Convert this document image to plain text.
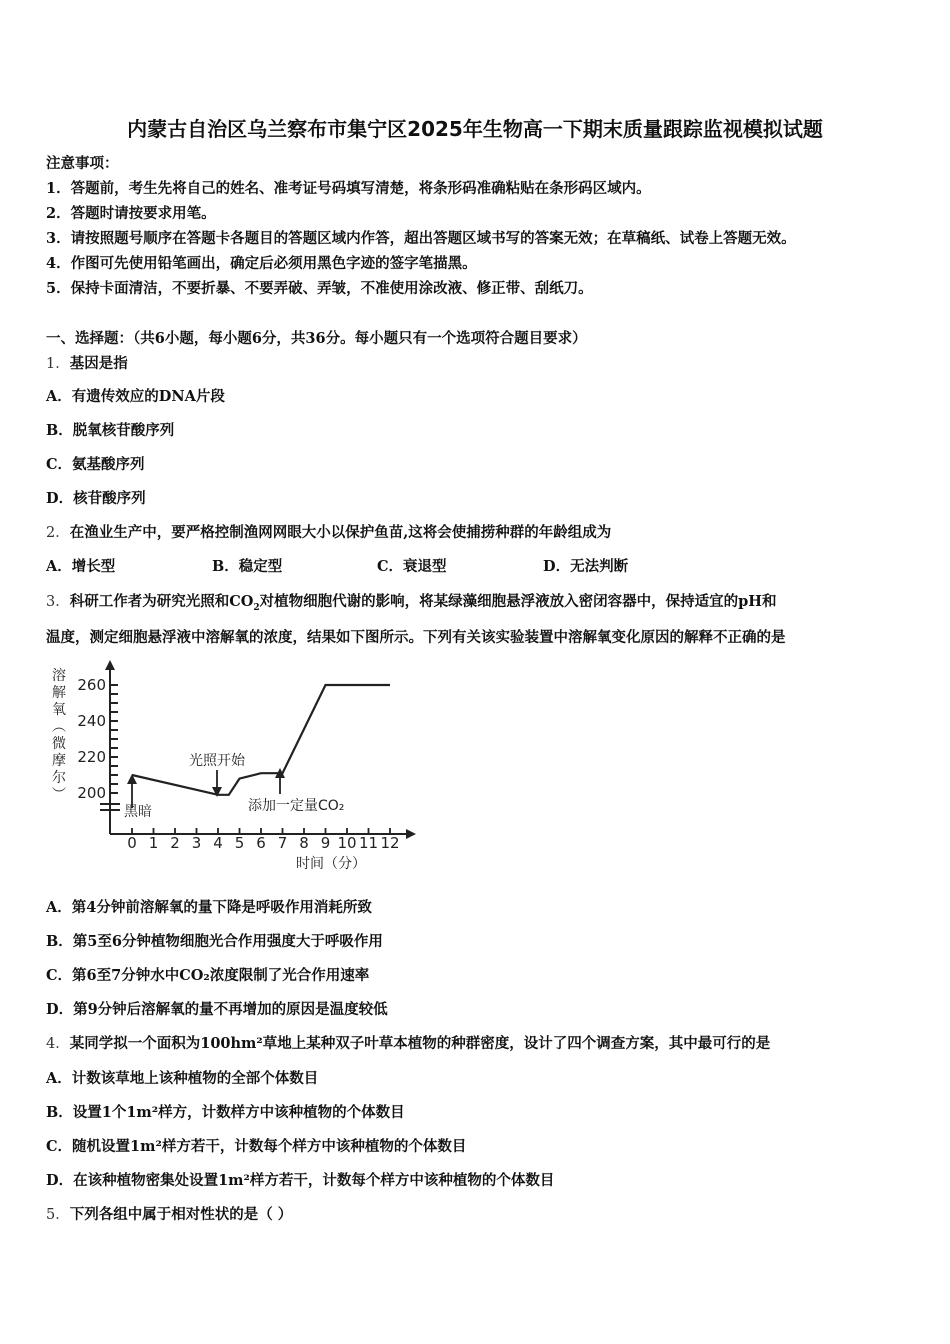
内蒙古自治区乌兰察布市集宁区2025年生物高一下期末质量跟踪监视模拟试题
注意事项：
1．答题前，考生先将自己的姓名、准考证号码填写清楚，将条形码准确粘贴在条形码区域内。
2．答题时请按要求用笔。
3．请按照题号顺序在答题卡各题目的答题区域内作答，超出答题区域书写的答案无效；在草稿纸、试卷上答题无效。
4．作图可先使用铅笔画出，确定后必须用黑色字迹的签字笔描黑。
5．保持卡面清洁，不要折暴、不要弄破、弄皱，不准使用涂改液、修正带、刮纸刀。
一、选择题：（共6小题，每小题6分，共36分。每小题只有一个选项符合题目要求）
1．基因是指
A．有遗传效应的DNA片段
B．脱氧核苷酸序列
C．氨基酸序列
D．核苷酸序列
2．在渔业生产中，要严格控制渔网网眼大小以保护鱼苗,这将会使捕捞种群的年龄组成为
A．增长型	B．稳定型	C．衰退型	D．无法判断
3．科研工作者为研究光照和$CO_2$对植物细胞代谢的影响，将某绿藻细胞悬浮液放入密闭容器中，保持适宜的pH和
温度，测定细胞悬浮液中溶解氧的浓度，结果如下图所示。下列有关该实验装置中溶解氧变化原因的解释不正确的是
溶
解
氧
︵
微
摩
尔
︶ 200
220
240
260
0 1 2 3 4 5 6 7 8 9 10 11 12
黑暗
光照开始
添加一定量CO₂
时间（分）
A．第4分钟前溶解氧的量下降是呼吸作用消耗所致
B．第5至6分钟植物细胞光合作用强度大于呼吸作用
C．第6至7分钟水中CO₂浓度限制了光合作用速率
D．第9分钟后溶解氧的量不再增加的原因是温度较低
4．某同学拟一个面积为100hm²草地上某种双子叶草本植物的种群密度，设计了四个调查方案，其中最可行的是
A．计数该草地上该种植物的全部个体数目
B．设置1个1m²样方，计数样方中该种植物的个体数目
C．随机设置1m²样方若干，计数每个样方中该种植物的个体数目
D．在该种植物密集处设置1m²样方若干，计数每个样方中该种植物的个体数目
5．下列各组中属于相对性状的是（ ）
